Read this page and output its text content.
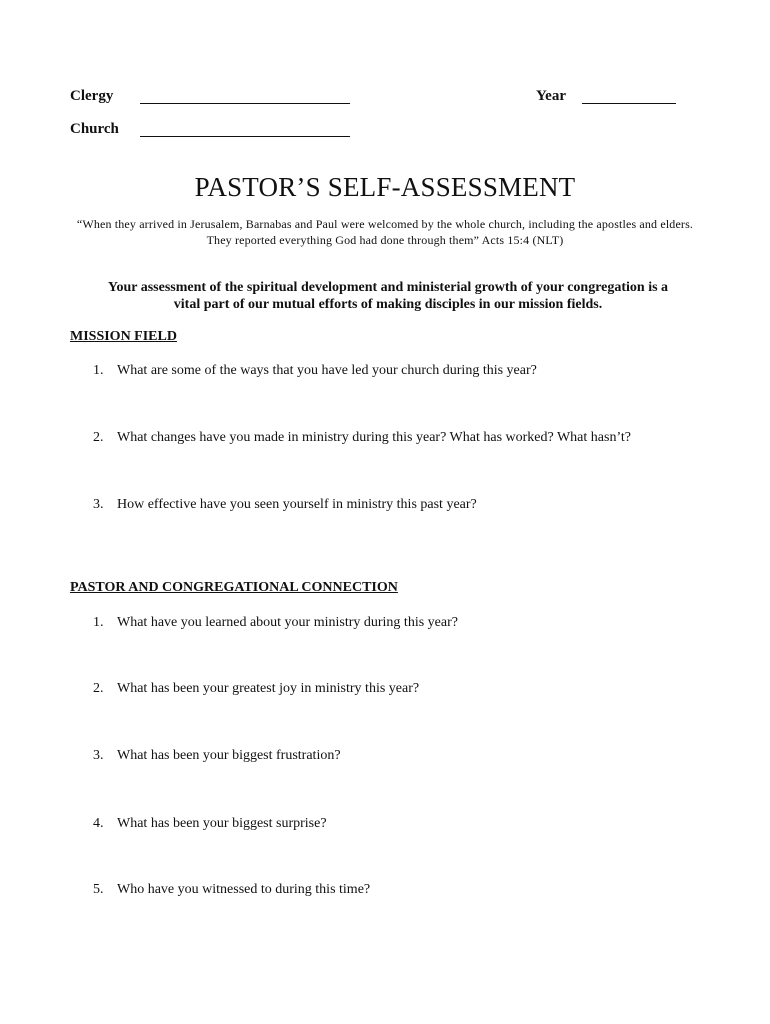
Clergy	Year
Church
PASTOR’S SELF-ASSESSMENT
“When they arrived in Jerusalem, Barnabas and Paul were welcomed by the whole church, including the apostles and elders.
They reported everything God had done through them” Acts 15:4 (NLT)
Your assessment of the spiritual development and ministerial growth of your congregation is a
vital part of our mutual efforts of making disciples in our mission fields.
MISSION FIELD
1. What are some of the ways that you have led your church during this year?
2. What changes have you made in ministry during this year? What has worked? What hasn’t?
3. How effective have you seen yourself in ministry this past year?
PASTOR AND CONGREGATIONAL CONNECTION
1. What have you learned about your ministry during this year?
2. What has been your greatest joy in ministry this year?
3. What has been your biggest frustration?
4. What has been your biggest surprise?
5. Who have you witnessed to during this time?
